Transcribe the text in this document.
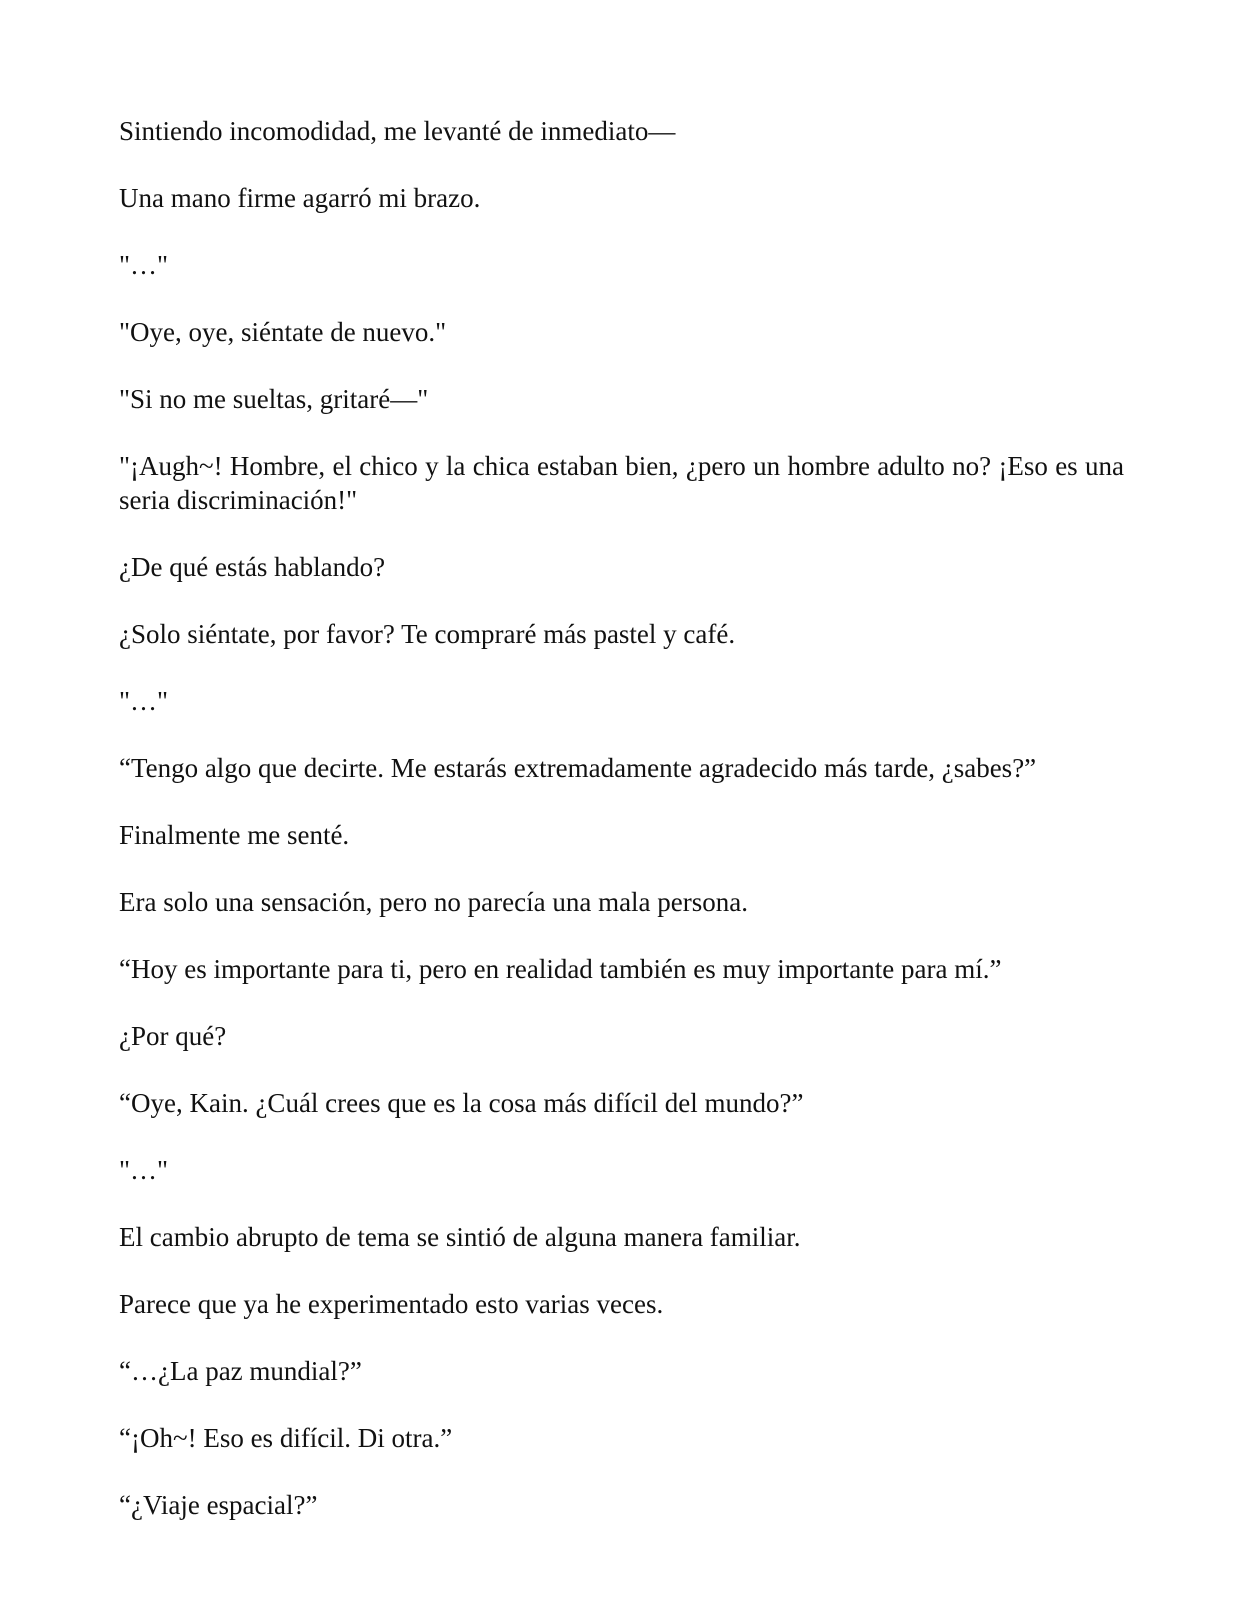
Sintiendo incomodidad, me levanté de inmediato—

Una mano firme agarró mi brazo.

"…"

"Oye, oye, siéntate de nuevo."

"Si no me sueltas, gritaré—"

"¡Augh~! Hombre, el chico y la chica estaban bien, ¿pero un hombre adulto no? ¡Eso es una seria discriminación!"

¿De qué estás hablando?

¿Solo siéntate, por favor? Te compraré más pastel y café.

"…"

“Tengo algo que decirte. Me estarás extremadamente agradecido más tarde, ¿sabes?”

Finalmente me senté.

Era solo una sensación, pero no parecía una mala persona.

“Hoy es importante para ti, pero en realidad también es muy importante para mí.”

¿Por qué?

“Oye, Kain. ¿Cuál crees que es la cosa más difícil del mundo?”

"…"

El cambio abrupto de tema se sintió de alguna manera familiar.

Parece que ya he experimentado esto varias veces.

“…¿La paz mundial?”

“¡Oh~! Eso es difícil. Di otra.”

“¿Viaje espacial?”
